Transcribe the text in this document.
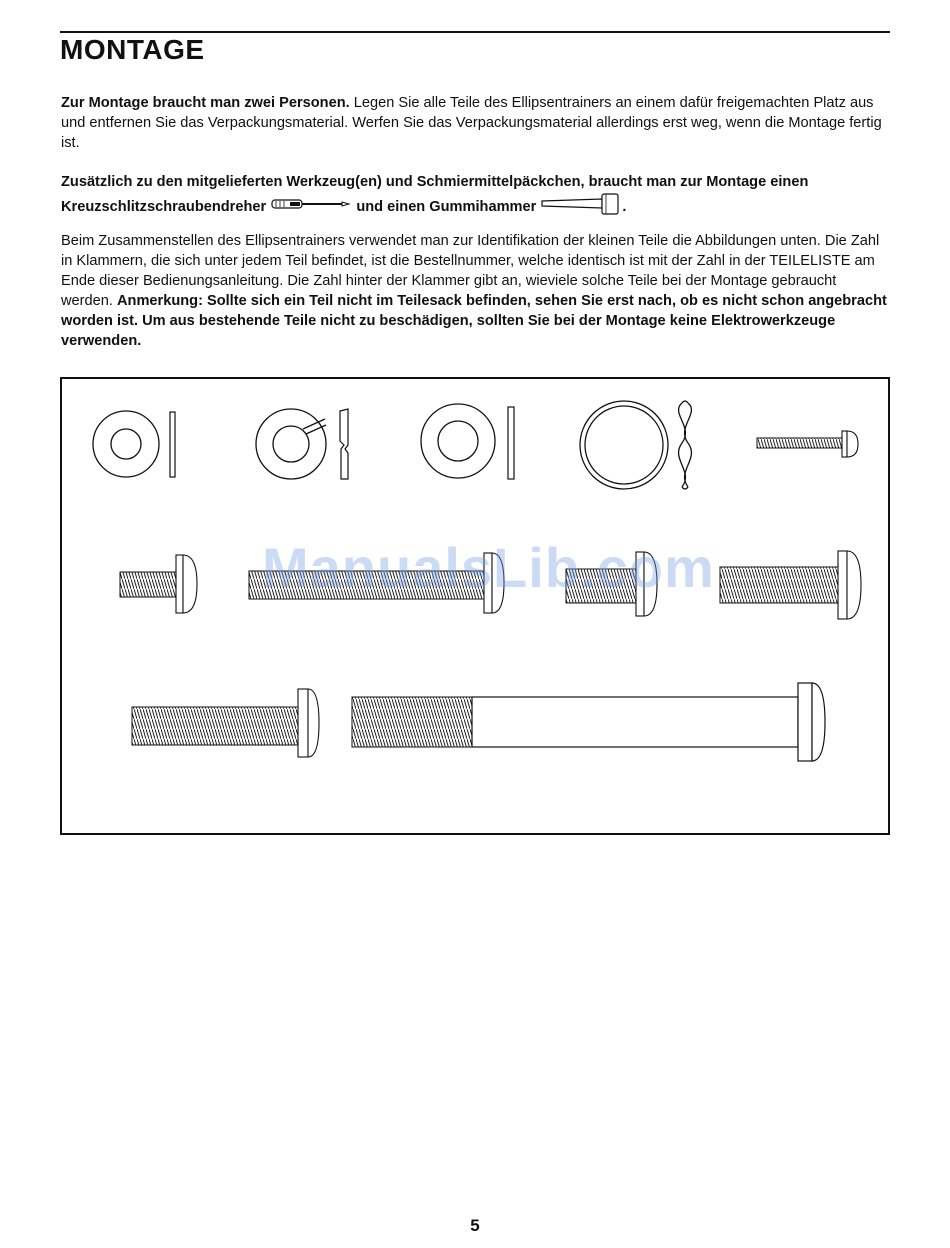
MONTAGE

Zur Montage braucht man zwei Personen. Legen Sie alle Teile des Ellipsentrainers an einem dafür freigemachten Platz aus und entfernen Sie das Verpackungsmaterial. Werfen Sie das Verpackungsmaterial allerdings erst weg, wenn die Montage fertig ist.

Zusätzlich zu den mitgelieferten Werkzeug(en) und Schmiermittelpäckchen, braucht man zur Montage einen Kreuzschlitzschraubendreher	und einen Gummihammer	.

Beim Zusammenstellen des Ellipsentrainers verwendet man zur Identifikation der kleinen Teile die Abbildungen unten. Die Zahl in Klammern, die sich unter jedem Teil befindet, ist die Bestellnummer, welche identisch ist mit der Zahl in der TEILELISTE am Ende dieser Bedienungsanleitung. Die Zahl hinter der Klammer gibt an, wieviele solche Teile bei der Montage gebraucht werden. Anmerkung: Sollte sich ein Teil nicht im Teilesack befinden, sehen Sie erst nach, ob es nicht schon angebracht worden ist. Um aus bestehende Teile nicht zu beschädigen, sollten Sie bei der Montage keine Elektrowerkzeuge verwenden.

ManualsLib.com
5
